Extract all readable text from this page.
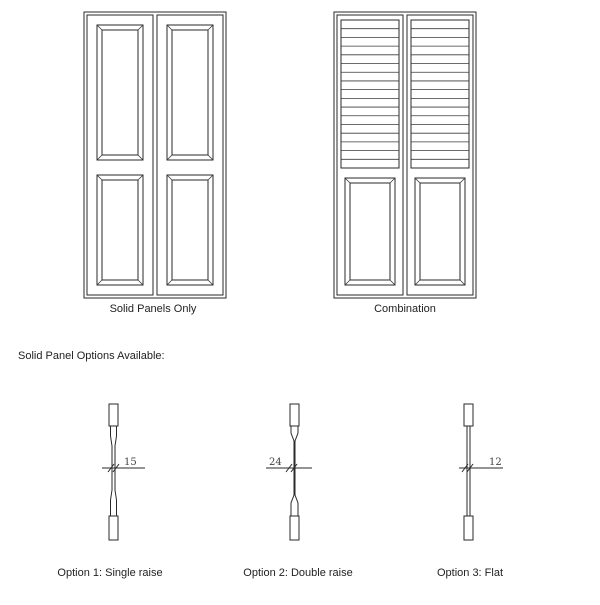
15	24	12
Solid Panels Only	Combination
Solid Panel Options Available:
Option 1: Single raise	Option 2: Double raise	Option 3: Flat
